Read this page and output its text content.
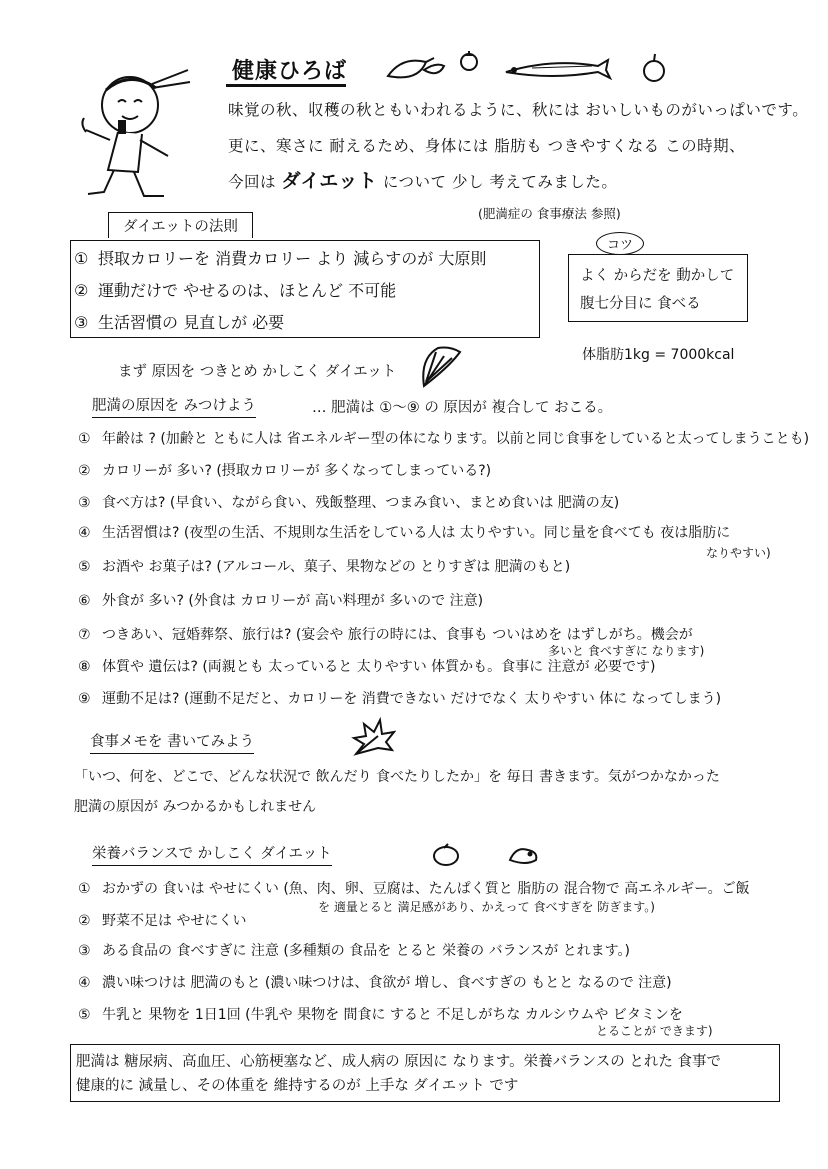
健康ひろば
味覚の秋、収穫の秋ともいわれるように、秋には おいしいものがいっぱいです。
更に、寒さに 耐えるため、身体には 脂肪も つきやすくなる この時期、
今回は ダイエット について 少し 考えてみました。
(肥満症の 食事療法 参照)
ダイエットの法則
① 摂取カロリーを 消費カロリー より 減らすのが 大原則
② 運動だけで やせるのは、ほとんど 不可能
③ 生活習慣の 見直しが 必要
コツ
よく からだを 動かして
腹七分目に 食べる
体脂肪1kg = 7000kcal
まず 原因を つきとめ かしこく ダイエット
肥満の原因を みつけよう	… 肥満は ①〜⑨ の 原因が 複合して おこる。
① 年齢は ? (加齢と ともに人は 省エネルギー型の体になります。以前と同じ食事をしていると太ってしまうことも)
② カロリーが 多い? (摂取カロリーが 多くなってしまっている?)
③ 食べ方は? (早食い、ながら食い、残飯整理、つまみ食い、まとめ食いは 肥満の友)
④ 生活習慣は? (夜型の生活、不規則な生活をしている人は 太りやすい。同じ量を食べても 夜は脂肪に
なりやすい)
⑤ お酒や お菓子は? (アルコール、菓子、果物などの とりすぎは 肥満のもと)
⑥ 外食が 多い? (外食は カロリーが 高い料理が 多いので 注意)
⑦ つきあい、冠婚葬祭、旅行は? (宴会や 旅行の時には、食事も ついはめを はずしがち。機会が
多いと 食べすぎに なります)
⑧ 体質や 遺伝は? (両親とも 太っていると 太りやすい 体質かも。食事に 注意が 必要です)
⑨ 運動不足は? (運動不足だと、カロリーを 消費できない だけでなく 太りやすい 体に なってしまう)
食事メモを 書いてみよう
「いつ、何を、どこで、どんな状況で 飲んだり 食べたりしたか」を 毎日 書きます。気がつかなかった
肥満の原因が みつかるかもしれません
栄養バランスで かしこく ダイエット
① おかずの 食いは やせにくい (魚、肉、卵、豆腐は、たんぱく質と 脂肪の 混合物で 高エネルギー。ご飯
を 適量とると 満足感があり、かえって 食べすぎを 防ぎます。)
② 野菜不足は やせにくい
③ ある食品の 食べすぎに 注意 (多種類の 食品を とると 栄養の バランスが とれます。)
④ 濃い味つけは 肥満のもと (濃い味つけは、食欲が 増し、食べすぎの もとと なるので 注意)
⑤ 牛乳と 果物を 1日1回 (牛乳や 果物を 間食に すると 不足しがちな カルシウムや ビタミンを
とることが できます)
肥満は 糖尿病、高血圧、心筋梗塞など、成人病の 原因に なります。栄養バランスの とれた 食事で
健康的に 減量し、その体重を 維持するのが 上手な ダイエット です
